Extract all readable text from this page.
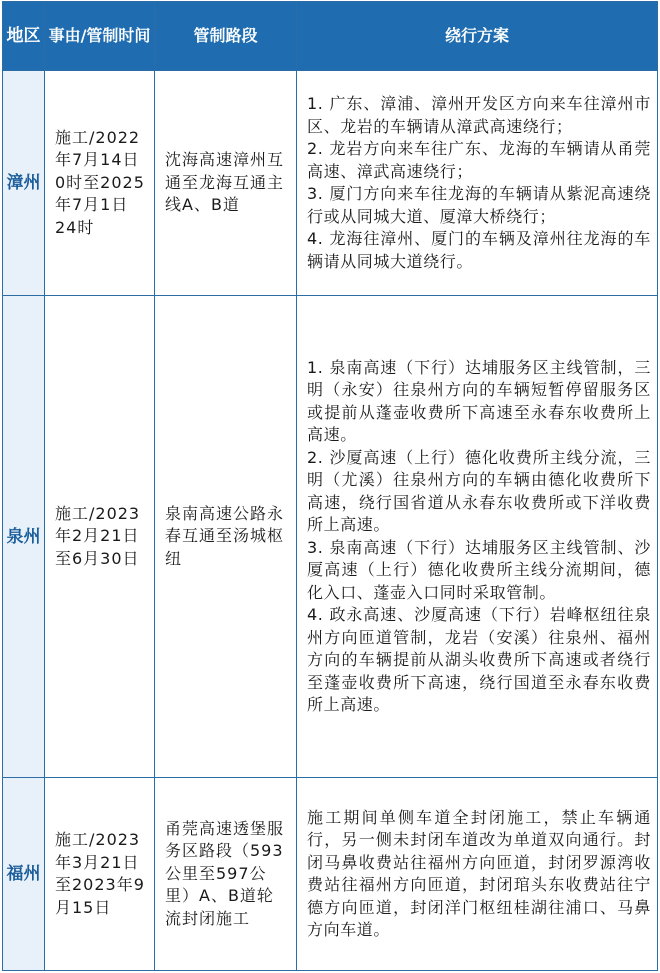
地区	事由/管制时间	管制路段	绕行方案
漳州	施工/2022年7月14日0时至2025年7月1日24时	沈海高速漳州互通至龙海互通主线A、B道	1. 广东、漳浦、漳州开发区方向来车往漳州市区、龙岩的车辆请从漳武高速绕行；
2. 龙岩方向来车往广东、龙海的车辆请从甬莞高速、漳武高速绕行；
3. 厦门方向来车往龙海的车辆请从紫泥高速绕行或从同城大道、厦漳大桥绕行；
4. 龙海往漳州、厦门的车辆及漳州往龙海的车辆请从同城大道绕行。

泉州	施工/2023年2月21日至6月30日	泉南高速公路永春互通至汤城枢纽	1. 泉南高速（下行）达埔服务区主线管制，三明（永安）往泉州方向的车辆短暂停留服务区或提前从蓬壶收费所下高速至永春东收费所上高速。
2. 沙厦高速（上行）德化收费所主线分流，三明（尤溪）往泉州方向的车辆由德化收费所下高速，绕行国省道从永春东收费所或下洋收费所上高速。
3. 泉南高速（下行）达埔服务区主线管制、沙厦高速（上行）德化收费所主线分流期间，德化入口、蓬壶入口同时采取管制。
4. 政永高速、沙厦高速（下行）岩峰枢纽往泉州方向匝道管制，龙岩（安溪）往泉州、福州方向的车辆提前从湖头收费所下高速或者绕行至蓬壶收费所下高速，绕行国道至永春东收费所上高速。

福州	施工/2023年3月21日至2023年9月15日	甬莞高速透堡服务区路段（593公里至597公里）A、B道轮流封闭施工	施工期间单侧车道全封闭施工，禁止车辆通行，另一侧未封闭车道改为单道双向通行。封闭马鼻收费站往福州方向匝道，封闭罗源湾收费站往福州方向匝道，封闭琯头东收费站往宁德方向匝道，封闭洋门枢纽桂湖往浦口、马鼻方向车道。
